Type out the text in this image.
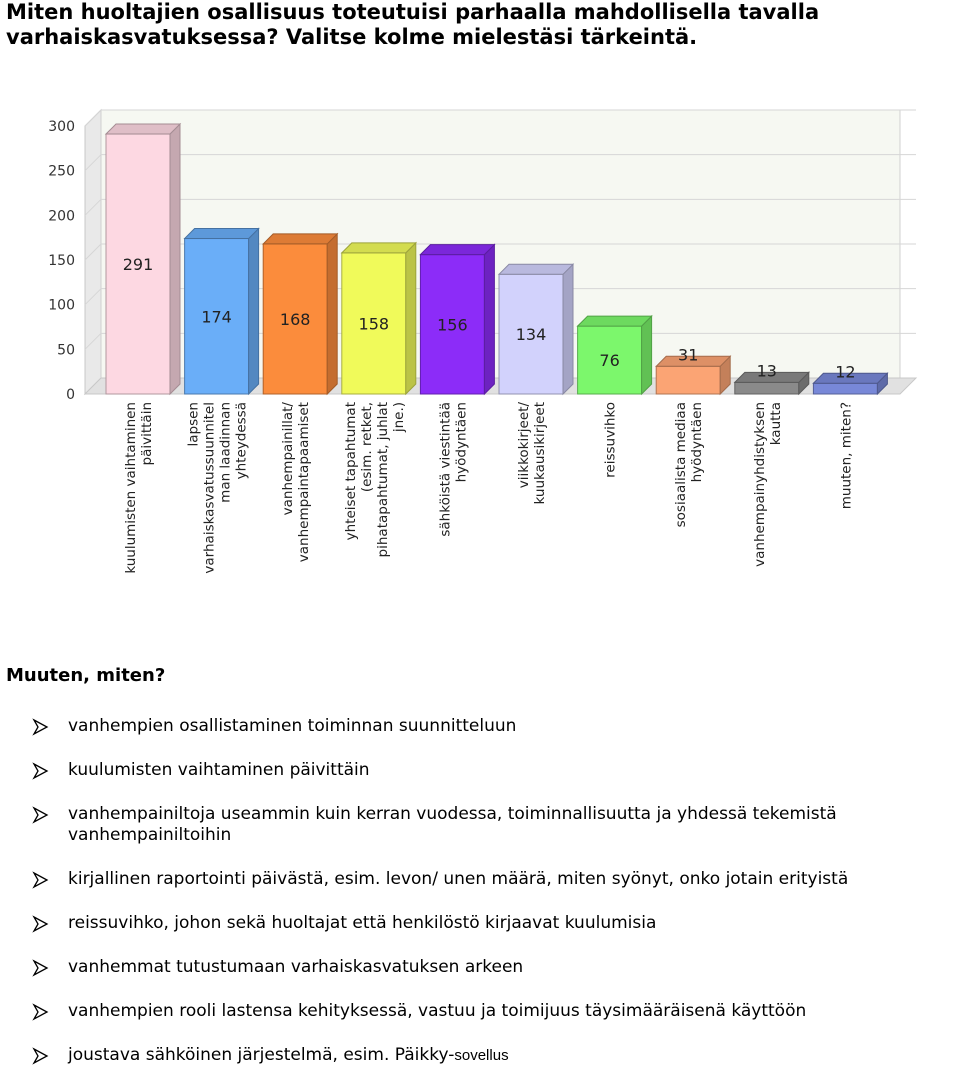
Miten huoltajien osallisuus toteutuisi parhaalla mahdollisella tavalla
varhaiskasvatuksessa? Valitse kolme mielestäsi tärkeintä.
0
50
100
150
200
250
300
291
kuulumisten vaihtaminenpäivittäin
174
lapsenvarhaiskasvatussuunnitelman laadinnanyhteydessä
168
vanhempainillat/vanhempaintapaamiset
158
yhteiset tapahtumat(esim. retket,pihatapahtumat, juhlatjne.)
156
sähköistä viestintäähyödyntäen
134
viikkokirjeet/kuukausikirjeet
76
reissuvihko
31
sosiaalista mediaahyödyntäen
13
vanhempainyhdistyksenkautta
12
muuten, miten?
Muuten, miten?
vanhempien osallistaminen toiminnan suunnitteluun
kuulumisten vaihtaminen päivittäin
vanhempainiltoja useammin kuin kerran vuodessa, toiminnallisuutta ja yhdessä tekemistä vanhempainiltoihin
kirjallinen raportointi päivästä, esim. levon/ unen määrä, miten syönyt, onko jotain erityistä
reissuvihko, johon sekä huoltajat että henkilöstö kirjaavat kuulumisia
vanhemmat tutustumaan varhaiskasvatuksen arkeen
vanhempien rooli lastensa kehityksessä, vastuu ja toimijuus täysimääräisenä käyttöön
joustava sähköinen järjestelmä, esim. Päikky-sovellus
